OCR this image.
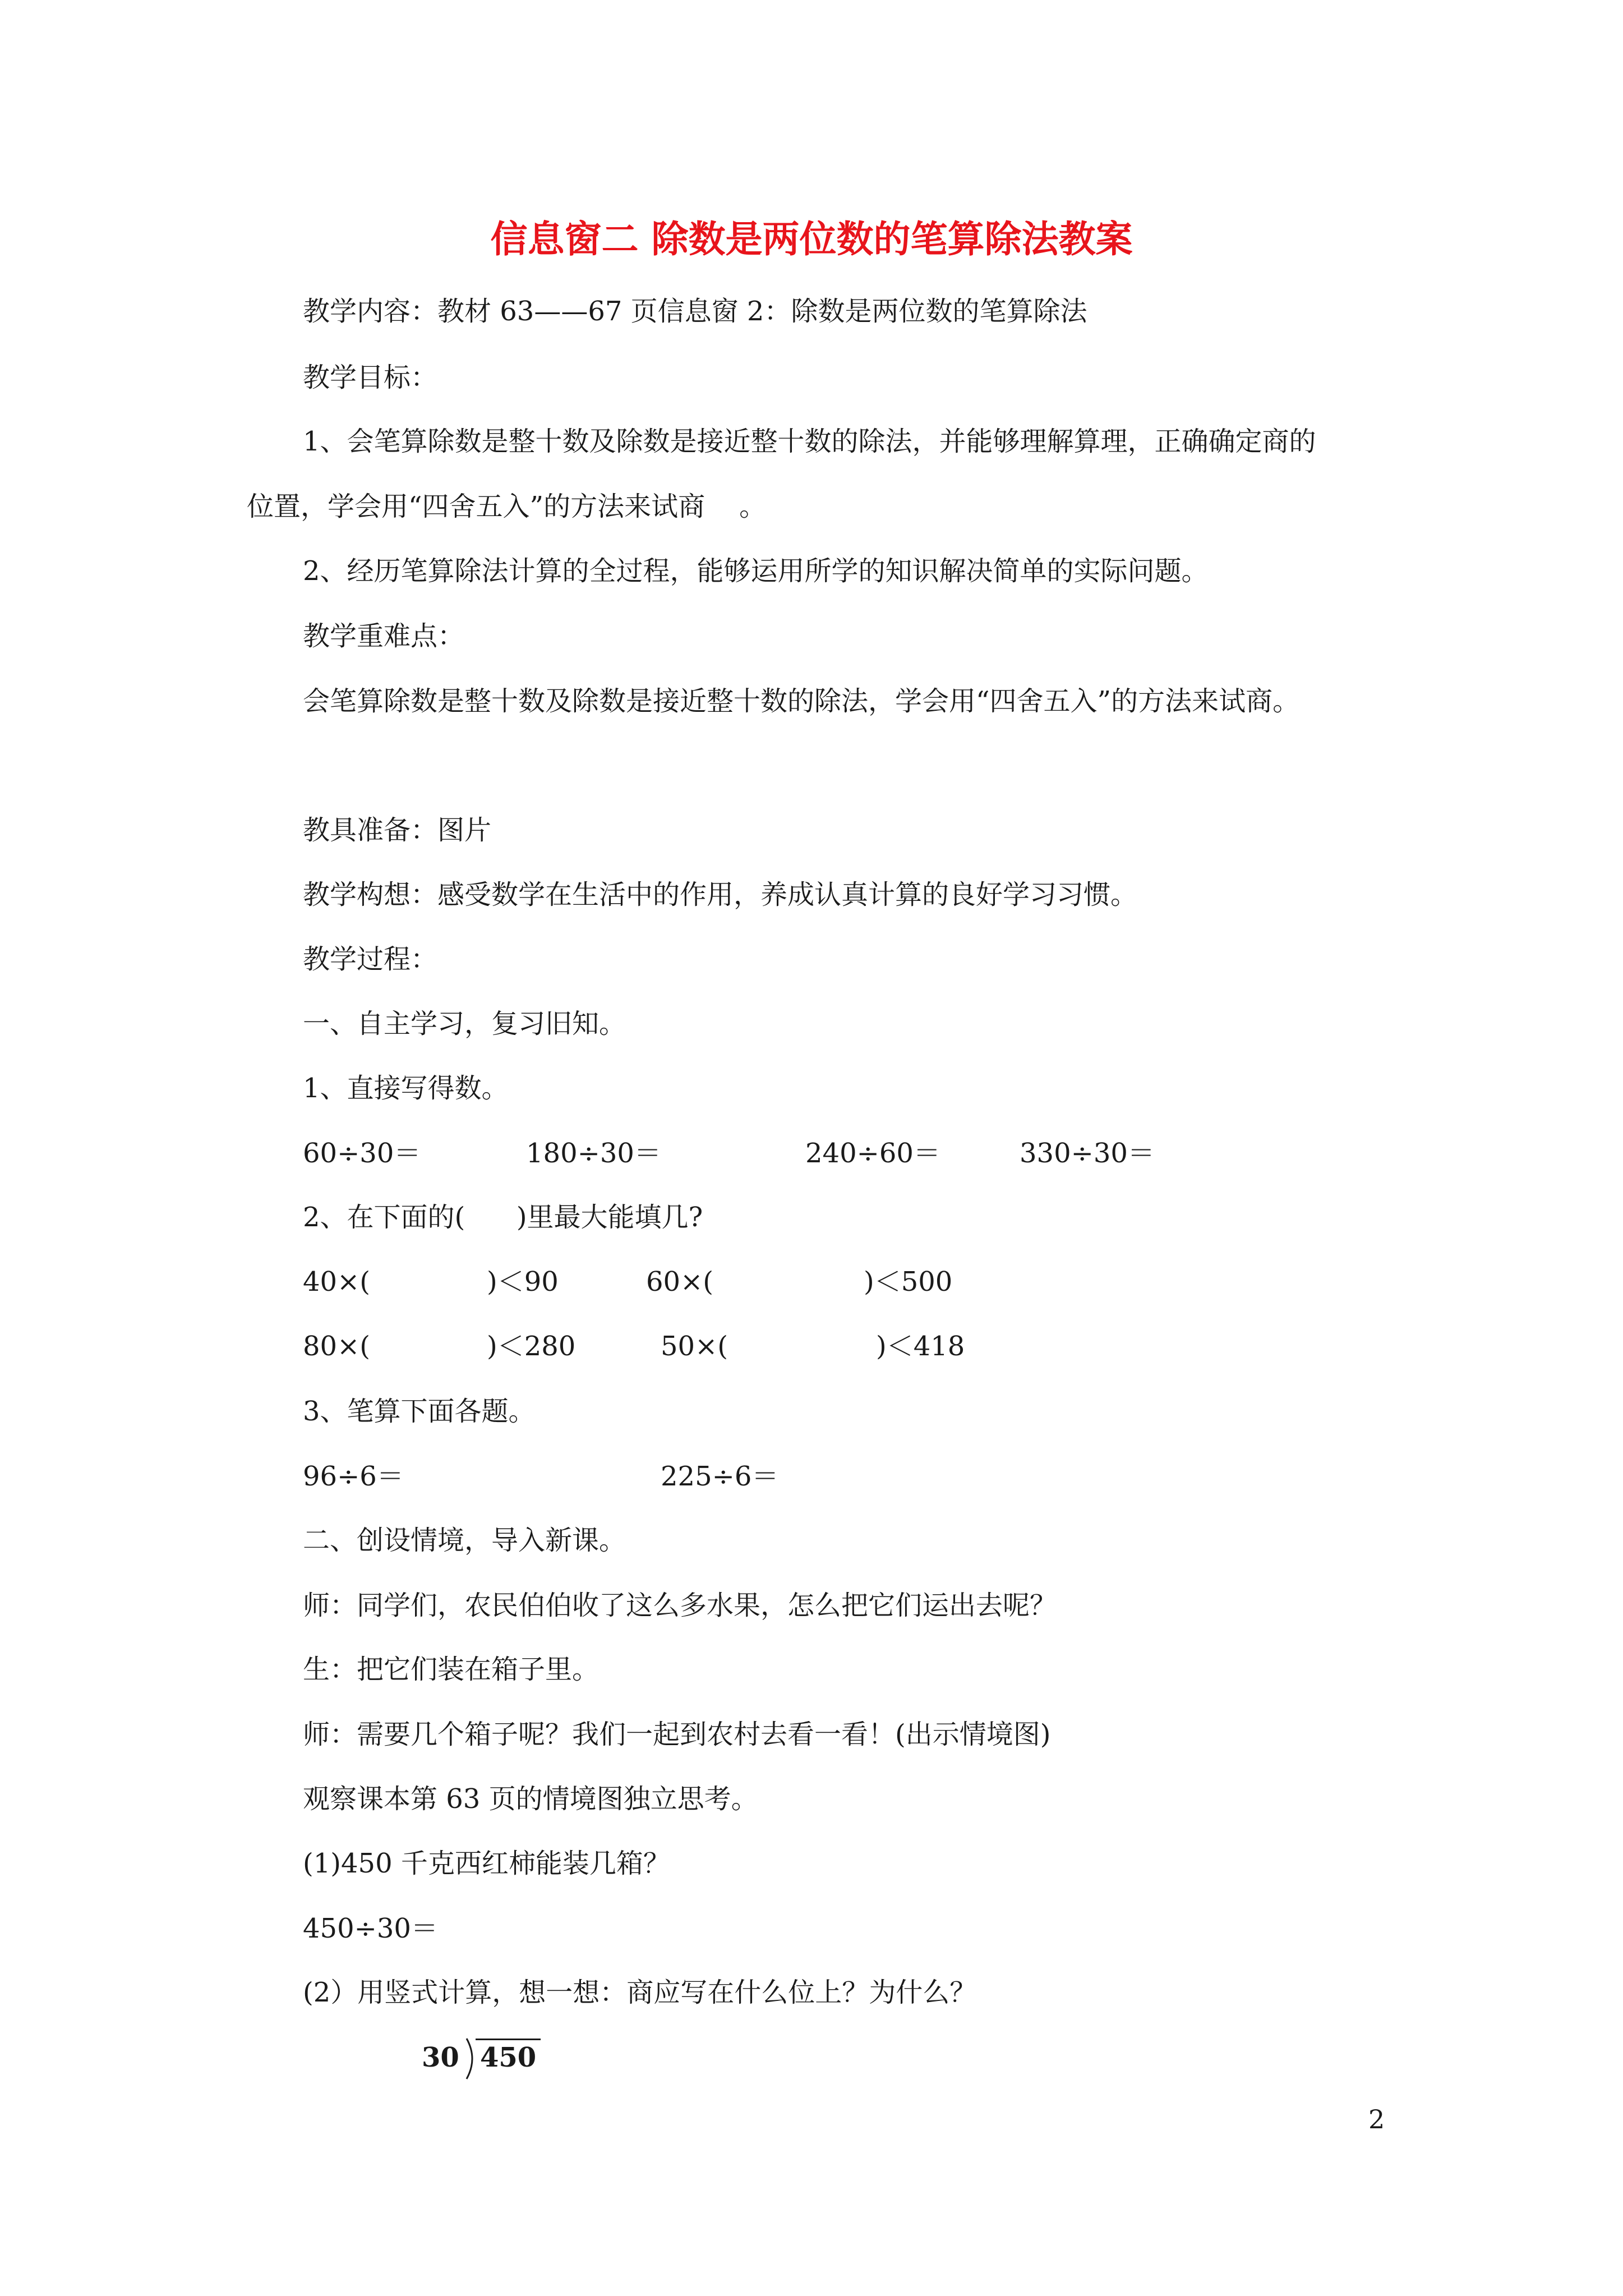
信息窗二 除数是两位数的笔算除法教案

教学内容：教材 63——67 页信息窗 2：除数是两位数的笔算除法

教学目标：

1、会笔算除数是整十数及除数是接近整十数的除法，并能够理解算理，正确确定商的

位置，学会用“四舍五入”的方法来试商    。

2、经历笔算除法计算的全过程，能够运用所学的知识解决简单的实际问题。

教学重难点：

会笔算除数是整十数及除数是接近整十数的除法，学会用“四舍五入”的方法来试商。

教具准备：图片

教学构想：感受数学在生活中的作用，养成认真计算的良好学习习惯。

教学过程：

一、自主学习，复习旧知。

1、直接写得数。

60÷30＝	180÷30＝	240÷60＝	330÷30＝

2、在下面的(      )里最大能填几?

40×(	)＜90	60×(	)＜500

80×(	)＜280	50×(	)＜418

3、笔算下面各题。

96÷6＝	225÷6＝

二、创设情境，导入新课。

师：同学们，农民伯伯收了这么多水果，怎么把它们运出去呢？

生：把它们装在箱子里。

师：需要几个箱子呢？我们一起到农村去看一看！(出示情境图)

观察课本第 63 页的情境图独立思考。

(1)450 千克西红柿能装几箱？

450÷30＝

(2）用竖式计算，想一想：商应写在什么位上？为什么？

30 450

2
